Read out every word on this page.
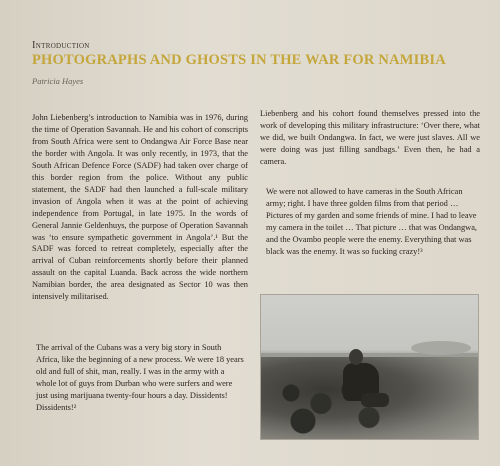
Introduction
PHOTOGRAPHS AND GHOSTS IN THE WAR FOR NAMIBIA
Patricia Hayes

John Liebenberg’s introduction to Namibia was in 1976, during the time of Operation Savannah. He and his cohort of conscripts from South Africa were sent to Ondangwa Air Force Base near the border with Angola. It was only recently, in 1973, that the South African Defence Force (SADF) had taken over charge of this border region from the police. Without any public statement, the SADF had then launched a full-scale military invasion of Angola when it was at the point of achieving independence from Portugal, in late 1975. In the words of General Jannie Geldenhuys, the purpose of Operation Savannah was ‘to ensure sympathetic government in Angola’.¹ But the SADF was forced to retreat completely, especially after the arrival of Cuban reinforcements shortly before their planned assault on the capital Luanda. Back across the wide northern Namibian border, the area designated as Sector 10 was then intensively militarised.

The arrival of the Cubans was a very big story in South Africa, like the beginning of a new process. We were 18 years old and full of shit, man, really. I was in the army with a whole lot of guys from Durban who were surfers and were just using marijuana twenty-four hours a day. Dissidents! Dissidents!²

Liebenberg and his cohort found themselves pressed into the work of developing this military infrastructure: ‘Over there, what we did, we built Ondangwa. In fact, we were just slaves. All we were doing was just filling sandbags.’ Even then, he had a camera.

We were not allowed to have cameras in the South African army; right. I have three golden films from that period … Pictures of my garden and some friends of mine. I had to leave my camera in the toilet … That picture … that was Ondangwa, and the Ovambo people were the enemy. Everything that was black was the enemy. It was so fucking crazy!³
